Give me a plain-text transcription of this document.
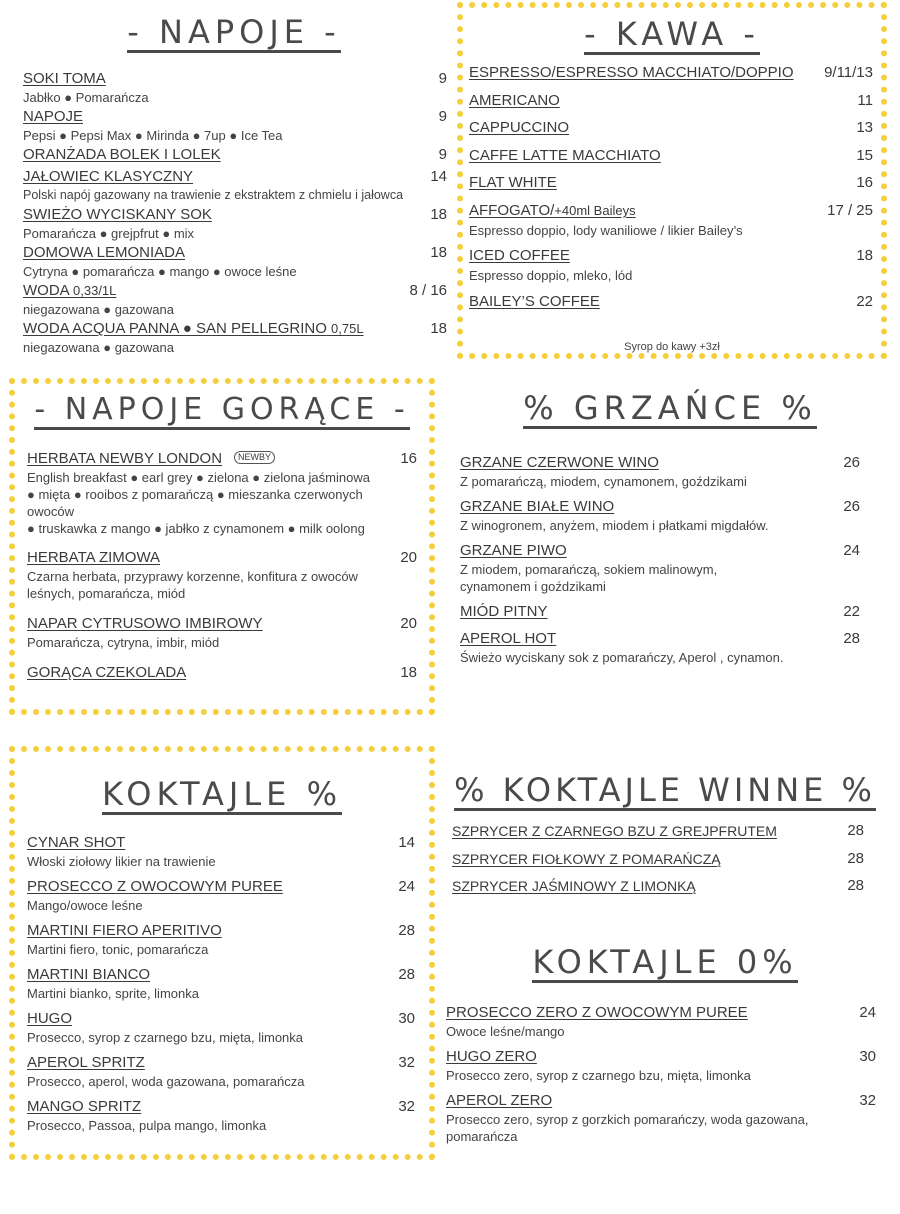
- NAPOJE -
SOKI TOMA	9
Jabłko ● Pomarańcza
NAPOJE	9
Pepsi ● Pepsi Max ● Mirinda ● 7up ● Ice Tea
ORANŻADA BOLEK I LOLEK	9
JAŁOWIEC KLASYCZNY	14
Polski napój gazowany na trawienie z ekstraktem z chmielu i jałowca
SWIEŻO WYCISKANY SOK	18
Pomarańcza ● grejpfrut ● mix
DOMOWA LEMONIADA	18
Cytryna ● pomarańcza ● mango ● owoce leśne
WODA 0,33/1L	8 / 16
niegazowana ● gazowana
WODA ACQUA PANNA ● SAN PELLEGRINO 0,75L	18
niegazowana ● gazowana
- KAWA -
ESPRESSO/ESPRESSO MACCHIATO/DOPPIO 9/11/13
AMERICANO	11
CAPPUCCINO	13
CAFFE LATTE MACCHIATO	15
FLAT WHITE	16
AFFOGATO/+40ml Baileys	17 / 25
Espresso doppio, lody waniliowe / likier Bailey’s
ICED COFFEE	18
Espresso doppio, mleko, lód
BAILEY’S COFFEE	22
Syrop do kawy +3zł
- NAPOJE GORĄCE -
HERBATA NEWBY LONDON NEWBY	16
English breakfast ● earl grey ● zielona ● zielona jaśminowa
● mięta ● rooibos z pomarańczą ● mieszanka czerwonych
owoców
● truskawka z mango ● jabłko z cynamonem ● milk oolong
HERBATA ZIMOWA	20
Czarna herbata, przyprawy korzenne, konfitura z owoców
leśnych, pomarańcza, miód
NAPAR CYTRUSOWO IMBIROWY	20
Pomarańcza, cytryna, imbir, miód
GORĄCA CZEKOLADA	18
% GRZAŃCE %
GRZANE CZERWONE WINO	26
Z pomarańczą, miodem, cynamonem, goździkami
GRZANE BIAŁE WINO	26
Z winogronem, anyżem, miodem i płatkami migdałów.
GRZANE PIWO	24
Z miodem, pomarańczą, sokiem malinowym,
cynamonem i goździkami
MIÓD PITNY	22
APEROL HOT	28
Świeżo wyciskany sok z pomarańczy, Aperol , cynamon.
KOKTAJLE %
CYNAR SHOT	14
Włoski ziołowy likier na trawienie
PROSECCO Z OWOCOWYM PUREE	24
Mango/owoce leśne
MARTINI FIERO APERITIVO	28
Martini fiero, tonic, pomarańcza
MARTINI BIANCO	28
Martini bianko, sprite, limonka
HUGO	30
Prosecco, syrop z czarnego bzu, mięta, limonka
APEROL SPRITZ	32
Prosecco, aperol, woda gazowana, pomarańcza
MANGO SPRITZ	32
Prosecco, Passoa, pulpa mango, limonka
% KOKTAJLE WINNE %
SZPRYCER Z CZARNEGO BZU Z GREJPFRUTEM	28
SZPRYCER FIOŁKOWY Z POMARAŃCZĄ	28
SZPRYCER JAŚMINOWY Z LIMONKĄ	28
KOKTAJLE 0%
PROSECCO ZERO Z OWOCOWYM PUREE	24
Owoce leśne/mango
HUGO ZERO	30
Prosecco zero, syrop z czarnego bzu, mięta, limonka
APEROL ZERO	32
Prosecco zero, syrop z gorzkich pomarańczy, woda gazowana,
pomarańcza
